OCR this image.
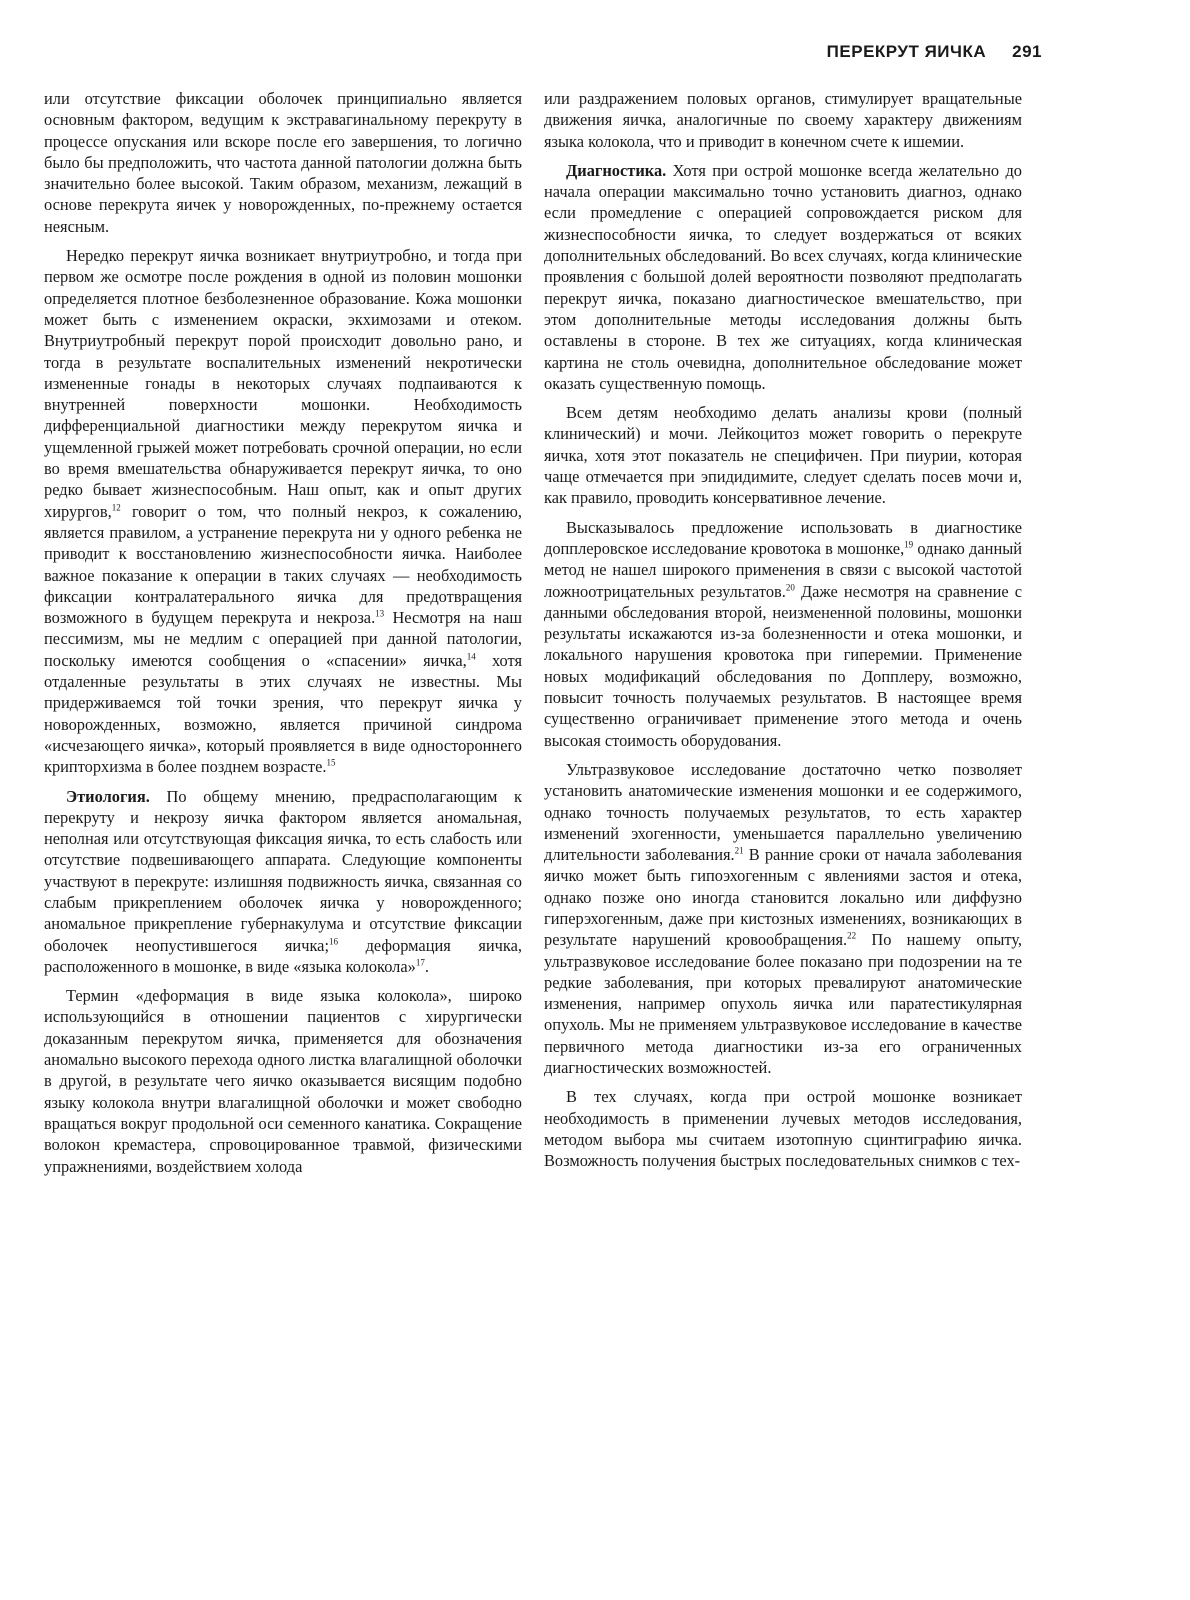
ПЕРЕКРУТ ЯИЧКА 291

или отсутствие фиксации оболочек принципиально является основным фактором, ведущим к экстравагинальному перекруту в процессе опускания или вскоре после его завершения, то логично было бы предположить, что частота данной патологии должна быть значительно более высокой. Таким образом, механизм, лежащий в основе перекрута яичек у новорожденных, по-прежнему остается неясным.

Нередко перекрут яичка возникает внутриутробно, и тогда при первом же осмотре после рождения в одной из половин мошонки определяется плотное безболезненное образование. Кожа мошонки может быть с изменением окраски, экхимозами и отеком. Внутриутробный перекрут порой происходит довольно рано, и тогда в результате воспалительных изменений некротически измененные гонады в некоторых случаях подпаиваются к внутренней поверхности мошонки. Необходимость дифференциальной диагностики между перекрутом яичка и ущемленной грыжей может потребовать срочной операции, но если во время вмешательства обнаруживается перекрут яичка, то оно редко бывает жизнеспособным. Наш опыт, как и опыт других хирургов,$^{12}$ говорит о том, что полный некроз, к сожалению, является правилом, а устранение перекрута ни у одного ребенка не приводит к восстановлению жизнеспособности яичка. Наиболее важное показание к операции в таких случаях — необходимость фиксации контралатерального яичка для предотвращения возможного в будущем перекрута и некроза.$^{13}$ Несмотря на наш пессимизм, мы не медлим с операцией при данной патологии, поскольку имеются сообщения о «спасении» яичка,$^{14}$ хотя отдаленные результаты в этих случаях не известны. Мы придерживаемся той точки зрения, что перекрут яичка у новорожденных, возможно, является причиной синдрома «исчезающего яичка», который проявляется в виде одностороннего крипторхизма в более позднем возрасте.$^{15}$

Этиология. По общему мнению, предрасполагающим к перекруту и некрозу яичка фактором является аномальная, неполная или отсутствующая фиксация яичка, то есть слабость или отсутствие подвешивающего аппарата. Следующие компоненты участвуют в перекруте: излишняя подвижность яичка, связанная со слабым прикреплением оболочек яичка у новорожденного; аномальное прикрепление губернакулума и отсутствие фиксации оболочек неопустившегося яичка;$^{16}$ деформация яичка, расположенного в мошонке, в виде «языка колокола»$^{17}$.

Термин «деформация в виде языка колокола», широко использующийся в отношении пациентов с хирургически доказанным перекрутом яичка, применяется для обозначения аномально высокого перехода одного листка влагалищной оболочки в другой, в результате чего яичко оказывается висящим подобно языку колокола внутри влагалищной оболочки и может свободно вращаться вокруг продольной оси семенного канатика. Сокращение волокон кремастера, спровоцированное травмой, физическими упражнениями, воздействием холода

или раздражением половых органов, стимулирует вращательные движения яичка, аналогичные по своему характеру движениям языка колокола, что и приводит в конечном счете к ишемии.

Диагностика. Хотя при острой мошонке всегда желательно до начала операции максимально точно установить диагноз, однако если промедление с операцией сопровождается риском для жизнеспособности яичка, то следует воздержаться от всяких дополнительных обследований. Во всех случаях, когда клинические проявления с большой долей вероятности позволяют предполагать перекрут яичка, показано диагностическое вмешательство, при этом дополнительные методы исследования должны быть оставлены в стороне. В тех же ситуациях, когда клиническая картина не столь очевидна, дополнительное обследование может оказать существенную помощь.

Всем детям необходимо делать анализы крови (полный клинический) и мочи. Лейкоцитоз может говорить о перекруте яичка, хотя этот показатель не специфичен. При пиурии, которая чаще отмечается при эпидидимите, следует сделать посев мочи и, как правило, проводить консервативное лечение.

Высказывалось предложение использовать в диагностике допплеровское исследование кровотока в мошонке,$^{19}$ однако данный метод не нашел широкого применения в связи с высокой частотой ложноотрицательных результатов.$^{20}$ Даже несмотря на сравнение с данными обследования второй, неизмененной половины, мошонки результаты искажаются из-за болезненности и отека мошонки, и локального нарушения кровотока при гиперемии. Применение новых модификаций обследования по Допплеру, возможно, повысит точность получаемых результатов. В настоящее время существенно ограничивает применение этого метода и очень высокая стоимость оборудования.

Ультразвуковое исследование достаточно четко позволяет установить анатомические изменения мошонки и ее содержимого, однако точность получаемых результатов, то есть характер изменений эхогенности, уменьшается параллельно увеличению длительности заболевания.$^{21}$ В ранние сроки от начала заболевания яичко может быть гипоэхогенным с явлениями застоя и отека, однако позже оно иногда становится локально или диффузно гиперэхогенным, даже при кистозных изменениях, возникающих в результате нарушений кровообращения.$^{22}$ По нашему опыту, ультразвуковое исследование более показано при подозрении на те редкие заболевания, при которых превалируют анатомические изменения, например опухоль яичка или паратестикулярная опухоль. Мы не применяем ультразвуковое исследование в качестве первичного метода диагностики из-за его ограниченных диагностических возможностей.

В тех случаях, когда при острой мошонке возникает необходимость в применении лучевых методов исследования, методом выбора мы считаем изотопную сцинтиграфию яичка. Возможность получения быстрых последовательных снимков с тех-
